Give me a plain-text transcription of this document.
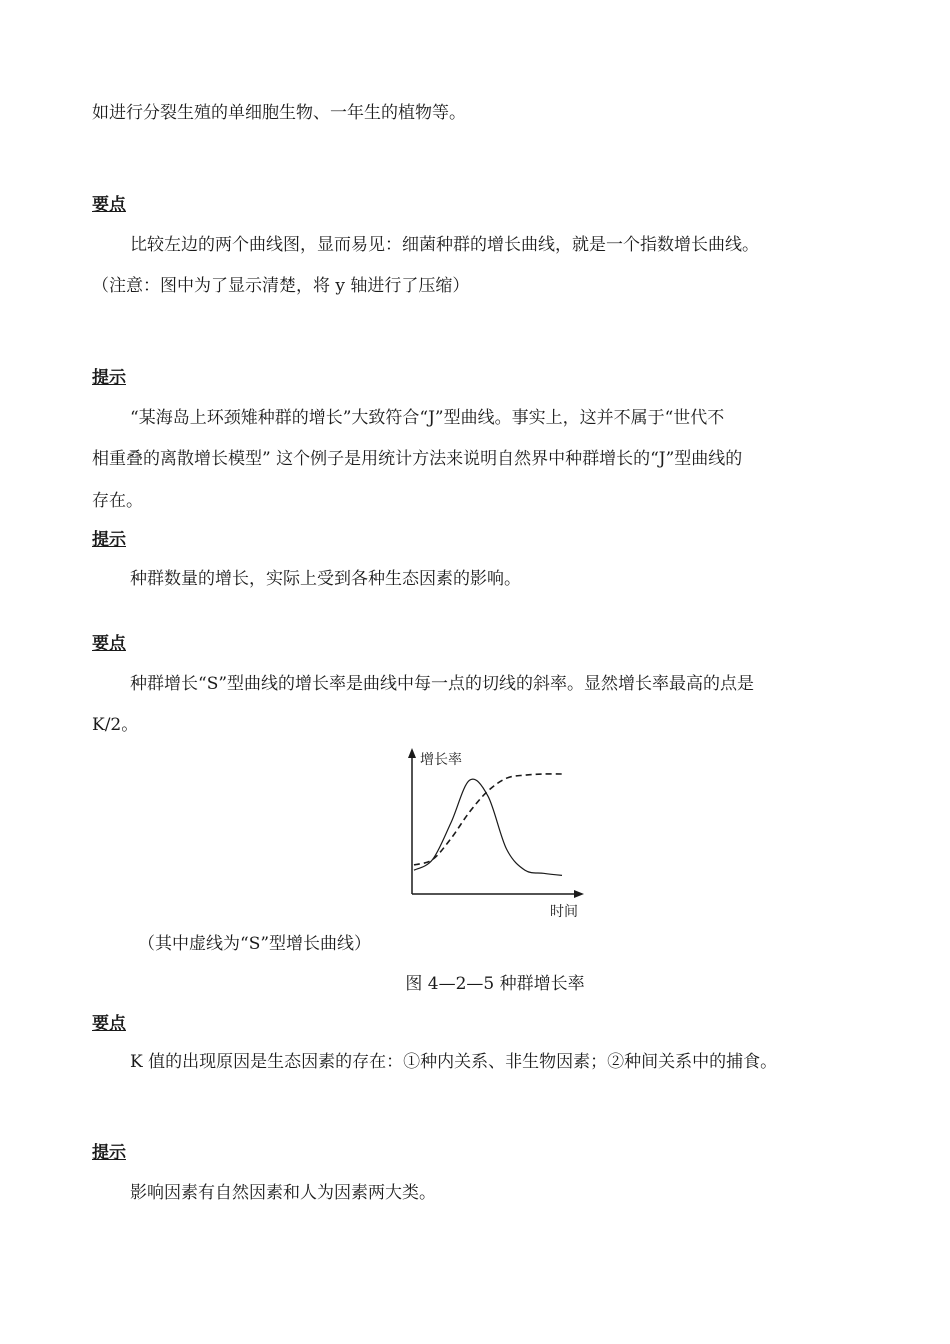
如进行分裂生殖的单细胞生物、一年生的植物等。
要点
比较左边的两个曲线图，显而易见：细菌种群的增长曲线，就是一个指数增长曲线。
（注意：图中为了显示清楚，将 y 轴进行了压缩）
提示
“某海岛上环颈雉种群的增长”大致符合“J”型曲线。事实上，这并不属于“世代不
相重叠的离散增长模型” 这个例子是用统计方法来说明自然界中种群增长的“J”型曲线的
存在。
提示
种群数量的增长，实际上受到各种生态因素的影响。
要点
种群增长“S”型曲线的增长率是曲线中每一点的切线的斜率。显然增长率最高的点是
K/2。
增长率
时间
（其中虚线为“S”型增长曲线）
图 4—2—5 种群增长率
要点
K 值的出现原因是生态因素的存在：①种内关系、非生物因素；②种间关系中的捕食。
提示
影响因素有自然因素和人为因素两大类。
